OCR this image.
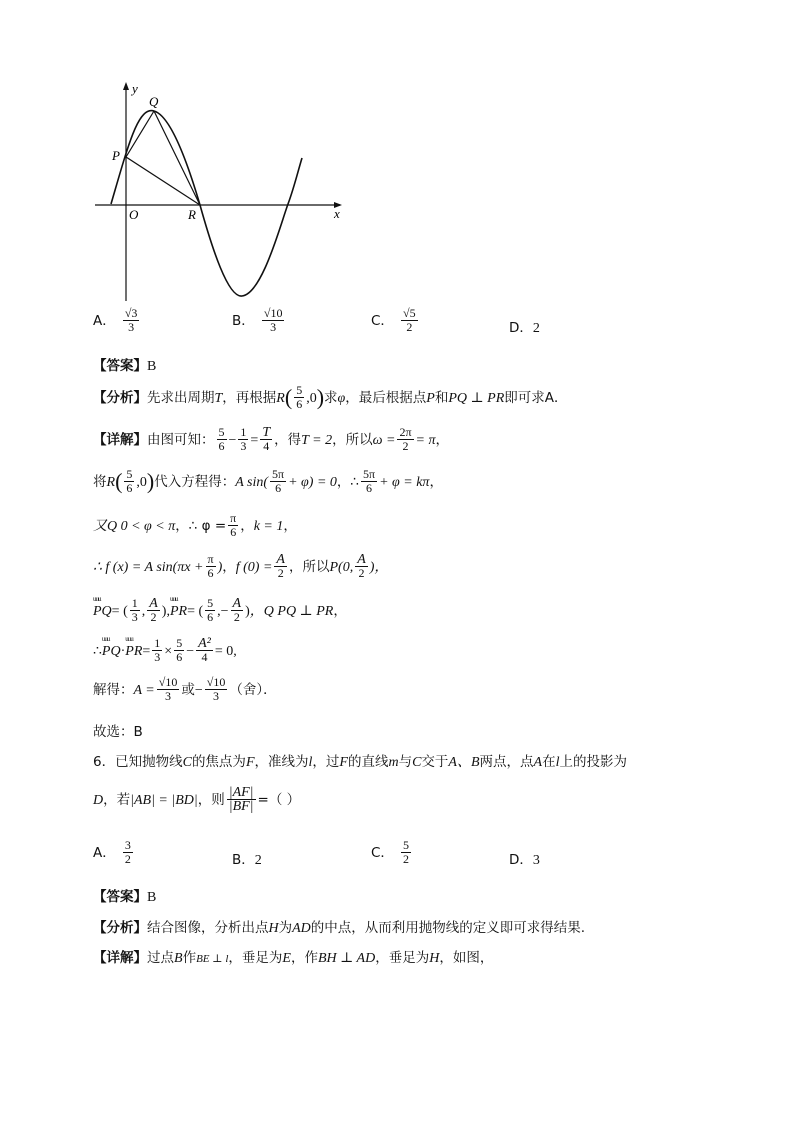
y
x
Q
P
O	R
A． $\frac{√3}{3}$	B． $\frac{√10}{3}$	C． $\frac{√5}{2}$	D．2
【答案】B
【分析】先求出周期T，再根据$R( \frac{5}{6} ,0)$求φ，最后根据点P和PQ ⊥ PR即可求A．
【详解】由图可知： $\frac{5}{6} - \frac{1}{3} = \frac{T}{4}$ ，得T = 2，所以$\omega = \frac{2\pi}{2} = \pi$，
将$R( \frac{5}{6} ,0)$代入方程得：A $\sin( \frac{5\pi}{6} + \varphi) = 0$，∴ $\frac{5\pi}{6} + \varphi = k\pi$，
又Q 0 < φ < π，∴ $\varphi = \frac{\pi}{6}$ ，k = 1，
∴ f (x) = A $\sin(\pi x + \frac{\pi}{6}$ )，f $(0) = \frac{A}{2}$ ，所以P(0, $\frac{A}{2}$ )，
uuu PQ= ( $\frac{1}{3}$ , $\frac{A}{2} ),uuu$ PR= ( $\frac{5}{6}$ ,− $\frac{A}{2}$ )，Q PQ ⊥ PR，
∴uuu PQ·uuu $PR= \frac{1}{3} \times \frac{5}{6} - \frac{\text{A²}}{4} = 0$,
解得：$A = \frac{√10}{3}$ 或− $\frac{√10}{3}$ （舍）．
故选：B
6．已知抛物线C的焦点为F，准线为l，过F的直线m与C交于A、B两点，点A在l上的投影为
D，若|AB| = |BD|，则 $\frac{|AF|}{|BF|}$ =（ ）
A． $\frac{3}{2}$	B．2	C． $\frac{5}{2}$	D．3
【答案】B
【分析】结合图像，分析出点H为AD的中点，从而利用抛物线的定义即可求得结果.
【详解】过点B作BE ⊥ l，垂足为E，作BH ⊥ AD，垂足为H，如图，
